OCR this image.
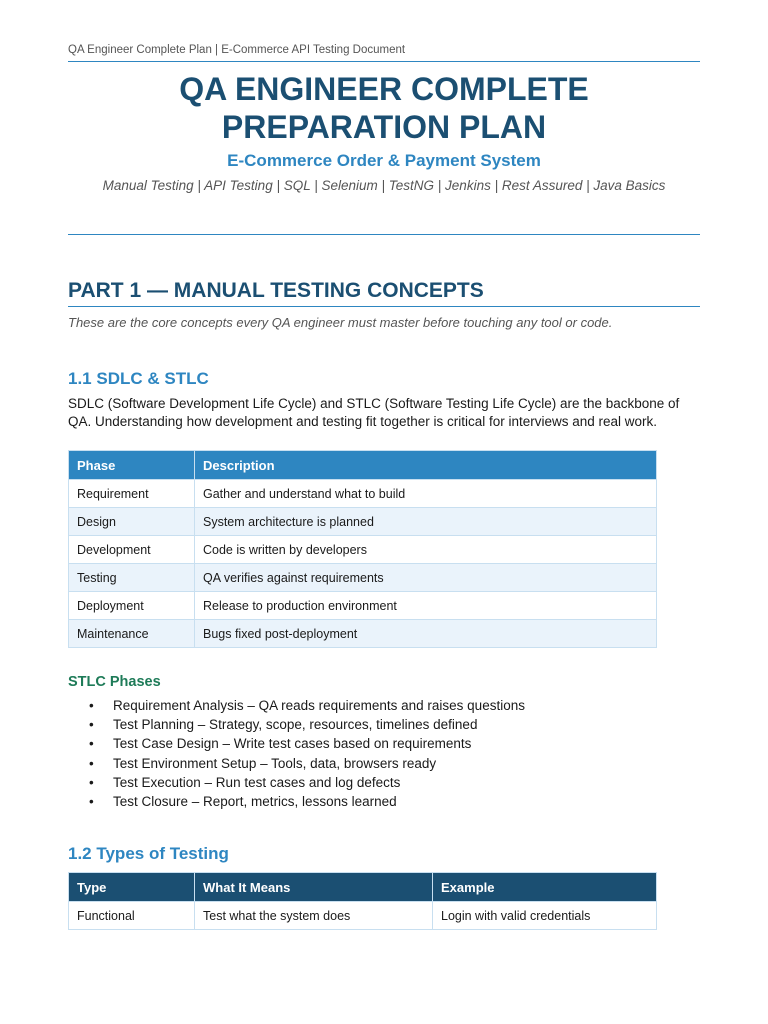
QA Engineer Complete Plan | E-Commerce API Testing Document
QA ENGINEER COMPLETE
PREPARATION PLAN
E-Commerce Order & Payment System
Manual Testing | API Testing | SQL | Selenium | TestNG | Jenkins | Rest Assured | Java Basics
PART 1 — MANUAL TESTING CONCEPTS
These are the core concepts every QA engineer must master before touching any tool or code.
1.1 SDLC & STLC
SDLC (Software Development Life Cycle) and STLC (Software Testing Life Cycle) are the backbone of QA. Understanding how development and testing fit together is critical for interviews and real work.
Phase	Description
Requirement	Gather and understand what to build
Design	System architecture is planned
Development	Code is written by developers
Testing	QA verifies against requirements
Deployment	Release to production environment
Maintenance	Bugs fixed post-deployment
STLC Phases
• Requirement Analysis – QA reads requirements and raises questions
• Test Planning – Strategy, scope, resources, timelines defined
• Test Case Design – Write test cases based on requirements
• Test Environment Setup – Tools, data, browsers ready
• Test Execution – Run test cases and log defects
• Test Closure – Report, metrics, lessons learned
1.2 Types of Testing
Type	What It Means	Example
Functional	Test what the system does	Login with valid credentials
